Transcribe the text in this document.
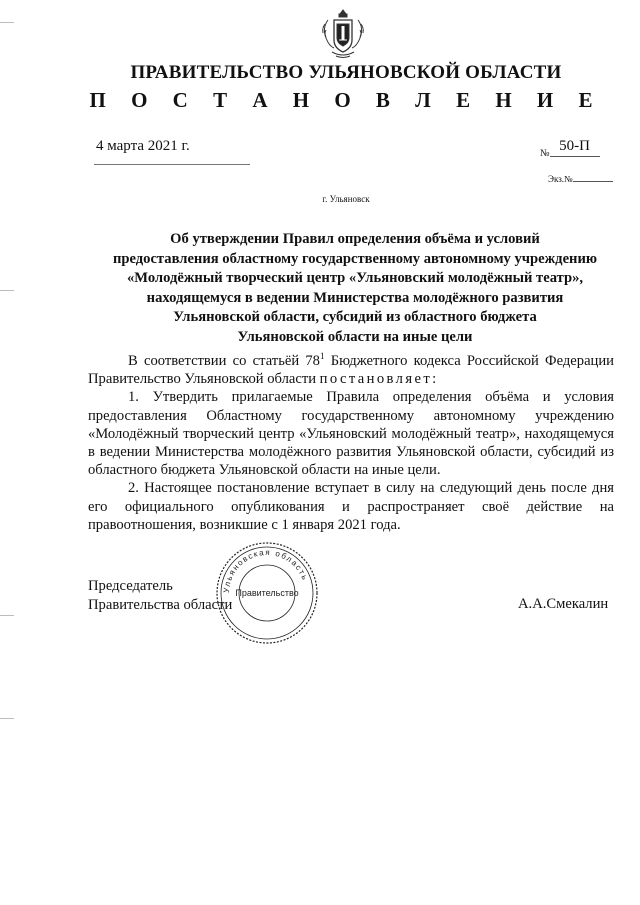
ПРАВИТЕЛЬСТВО УЛЬЯНОВСКОЙ ОБЛАСТИ
П О С Т А Н О В Л Е Н И Е
4 марта 2021 г.	$_№$ 50-П
Экз.№
г. Ульяновск
Об утверждении Правил определения объёма и условий
предоставления областному государственному автономному учреждению
«Молодёжный творческий центр «Ульяновский молодёжный театр»,
находящемуся в ведении Министерства молодёжного развития
Ульяновской области, субсидий из областного бюджета
Ульяновской области на иные цели

В соответствии со статьёй $78^1$ Бюджетного кодекса Российской Федерации Правительство Ульяновской области постановляет:

1. Утвердить прилагаемые Правила определения объёма и условия предоставления Областному государственному автономному учреждению «Молодёжный творческий центр «Ульяновский молодёжный театр», находящемуся в ведении Министерства молодёжного развития Ульяновской области, субсидий из областного бюджета Ульяновской области на иные цели.

2. Настоящее постановление вступает в силу на следующий день после дня его официального опубликования и распространяет своё действие на правоотношения, возникшие с 1 января 2021 года.

Председатель
Правительства области	А.А.Смекалин
Ульяновская область
Правительство
